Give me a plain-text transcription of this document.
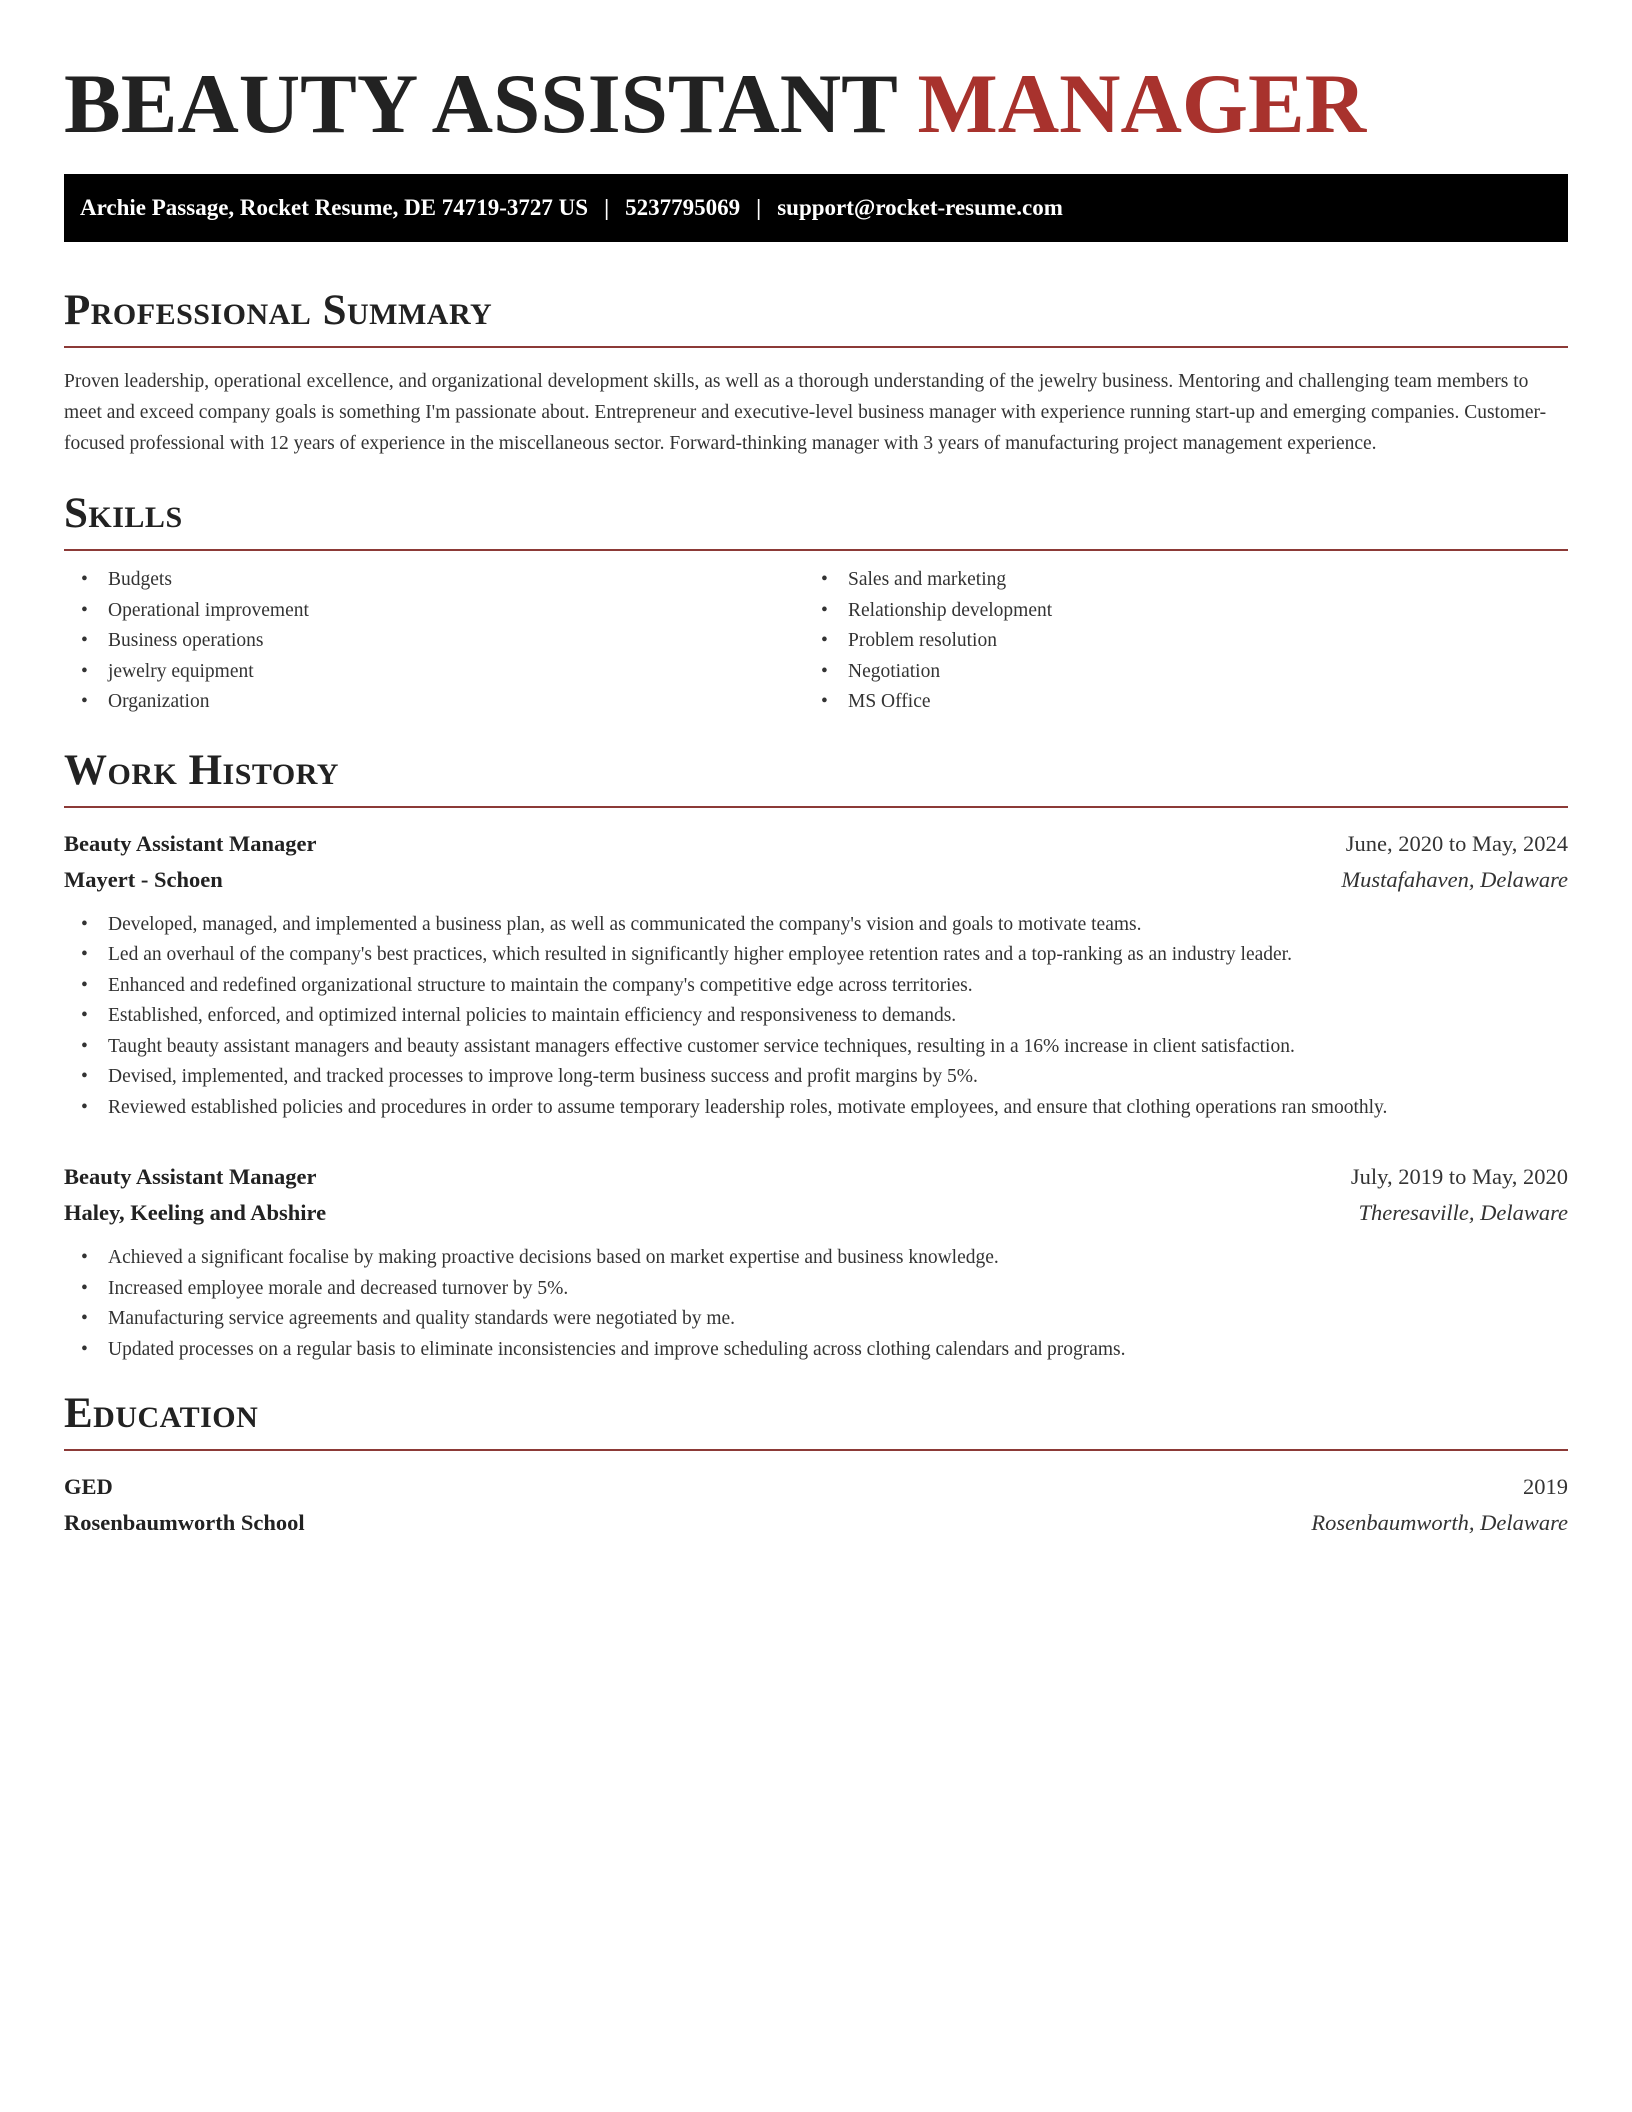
BEAUTY ASSISTANT MANAGER
Archie Passage, Rocket Resume, DE 74719-3727 US | 5237795069 | support@rocket-resume.com
Professional Summary

Proven leadership, operational excellence, and organizational development skills, as well as a thorough understanding of the jewelry business. Mentoring and challenging team members to meet and exceed company goals is something I'm passionate about. Entrepreneur and executive-level business manager with experience running start-up and emerging companies. Customer-focused professional with 12 years of experience in the miscellaneous sector. Forward-thinking manager with 3 years of manufacturing project management experience.

Skills
• Budgets
• Operational improvement
• Business operations
• jewelry equipment
• Organization
• Sales and marketing
• Relationship development
• Problem resolution
• Negotiation
• MS Office
Work History
Beauty Assistant Manager	June, 2020 to May, 2024
Mayert - Schoen	Mustafahaven, Delaware
• Developed, managed, and implemented a business plan, as well as communicated the company's vision and goals to motivate teams.
• Led an overhaul of the company's best practices, which resulted in significantly higher employee retention rates and a top-ranking as an industry leader.
• Enhanced and redefined organizational structure to maintain the company's competitive edge across territories.
• Established, enforced, and optimized internal policies to maintain efficiency and responsiveness to demands.
• Taught beauty assistant managers and beauty assistant managers effective customer service techniques, resulting in a 16% increase in client satisfaction.
• Devised, implemented, and tracked processes to improve long-term business success and profit margins by 5%.
• Reviewed established policies and procedures in order to assume temporary leadership roles, motivate employees, and ensure that clothing operations ran smoothly.
Beauty Assistant Manager	July, 2019 to May, 2020
Haley, Keeling and Abshire	Theresaville, Delaware
• Achieved a significant focalise by making proactive decisions based on market expertise and business knowledge.
• Increased employee morale and decreased turnover by 5%.
• Manufacturing service agreements and quality standards were negotiated by me.
• Updated processes on a regular basis to eliminate inconsistencies and improve scheduling across clothing calendars and programs.
Education
GED	2019
Rosenbaumworth School	Rosenbaumworth, Delaware
